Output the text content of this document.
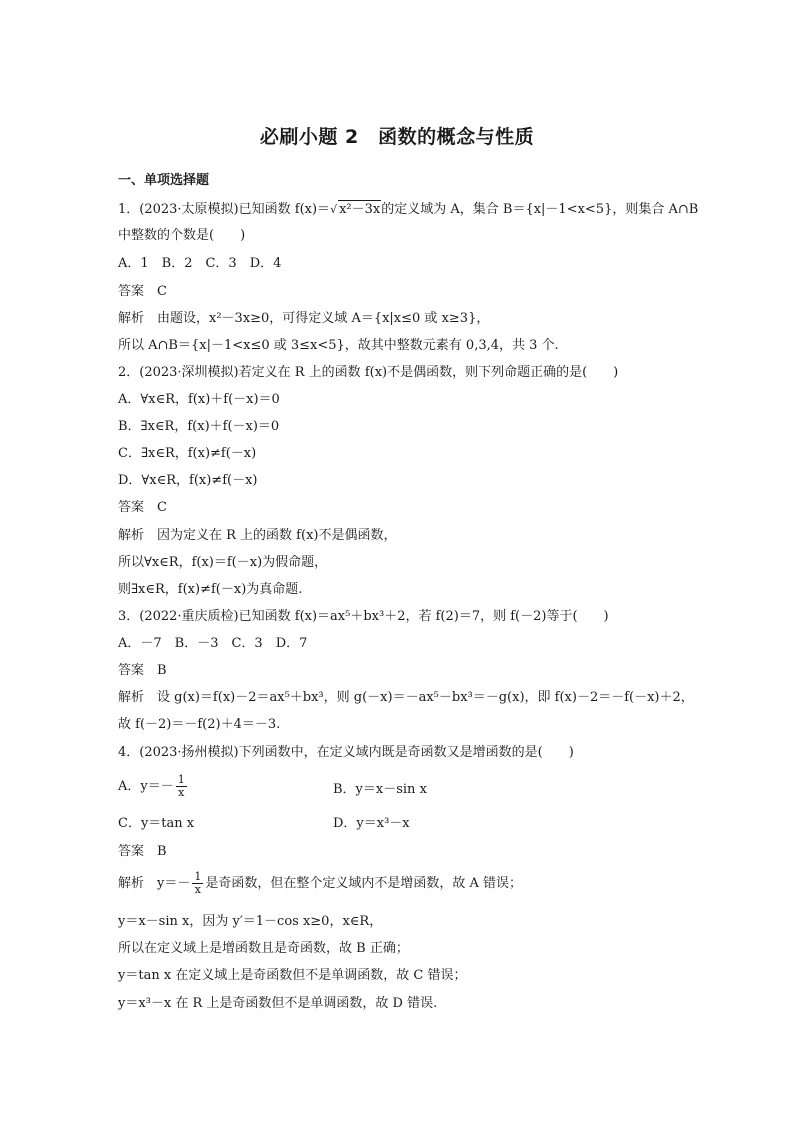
必刷小题 2　函数的概念与性质
一、单项选择题
1．(2023·太原模拟)已知函数 f(x)＝√ x²－3x的定义域为 A，集合 B＝{x|－1<x<5}，则集合 A∩B
中整数的个数是(　　)
A．1　B．2　C．3　D．4
答案　C
解析　由题设，x²－3x≥0，可得定义域 A＝{x|x≤0 或 x≥3}，
所以 A∩B＝{x|－1<x≤0 或 3≤x<5}，故其中整数元素有 0,3,4，共 3 个.
2．(2023·深圳模拟)若定义在 R 上的函数 f(x)不是偶函数，则下列命题正确的是(　　)
A．∀x∈R，f(x)＋f(－x)＝0
B．∃x∈R，f(x)＋f(－x)＝0
C．∃x∈R，f(x)≠f(－x)
D．∀x∈R，f(x)≠f(－x)
答案　C
解析　因为定义在 R 上的函数 f(x)不是偶函数，
所以∀x∈R，f(x)＝f(－x)为假命题，
则∃x∈R，f(x)≠f(－x)为真命题.
3．(2022·重庆质检)已知函数 f(x)＝ax⁵＋bx³＋2，若 f(2)＝7，则 f(－2)等于(　　)
A．－7　B．－3　C．3　D．7
答案　B
解析　设 g(x)＝f(x)－2＝ax⁵＋bx³，则 g(－x)＝－ax⁵－bx³＝－g(x)，即 f(x)－2＝－f(－x)＋2，
故 f(－2)＝－f(2)＋4＝－3.
4．(2023·扬州模拟)下列函数中，在定义域内既是奇函数又是增函数的是(　　)
A．$y=- \frac{1}{x}$	B．y＝x－sin x
C．y＝tan x	D．y＝x³－x
答案　B
解析　$y=- \frac{1}{x}$ 是奇函数，但在整个定义域内不是增函数，故 A 错误；
y＝x－sin x，因为 y′＝1－cos x≥0，x∈R，
所以在定义域上是增函数且是奇函数，故 B 正确；
y＝tan x 在定义域上是奇函数但不是单调函数，故 C 错误；
y＝x³－x 在 R 上是奇函数但不是单调函数，故 D 错误.
